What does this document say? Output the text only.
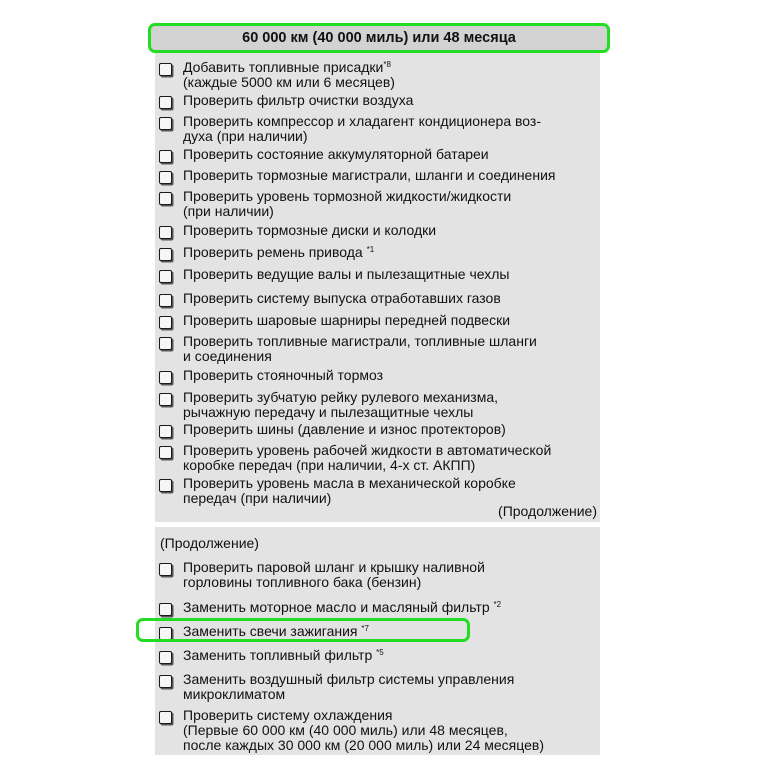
60 000 км (40 000 миль) или 48 месяца
Добавить топливные присадки$^{*8}$
(каждые 5000 км или 6 месяцев)
Проверить фильтр очистки воздуха
Проверить компрессор и хладагент кондиционера воз-
духа (при наличии)
Проверить состояние аккумуляторной батареи
Проверить тормозные магистрали, шланги и соединения
Проверить уровень тормозной жидкости/жидкости
(при наличии)
Проверить тормозные диски и колодки
Проверить ремень привода $^{*1}$
Проверить ведущие валы и пылезащитные чехлы
Проверить систему выпуска отработавших газов
Проверить шаровые шарниры передней подвески
Проверить топливные магистрали, топливные шланги
и соединения
Проверить стояночный тормоз
Проверить зубчатую рейку рулевого механизма,
рычажную передачу и пылезащитные чехлы
Проверить шины (давление и износ протекторов)
Проверить уровень рабочей жидкости в автоматической
коробке передач (при наличии, 4-х ст. АКПП)
Проверить уровень масла в механической коробке
передач (при наличии)
(Продолжение)
(Продолжение)
Проверить паровой шланг и крышку наливной
горловины топливного бака (бензин)
Заменить моторное масло и масляный фильтр $^{*2}$
Заменить свечи зажигания $^{*7}$
Заменить топливный фильтр $^{*5}$
Заменить воздушный фильтр системы управления
микроклиматом
Проверить систему охлаждения
(Первые 60 000 км (40 000 миль) или 48 месяцев,
после каждых 30 000 км (20 000 миль) или 24 месяцев)
